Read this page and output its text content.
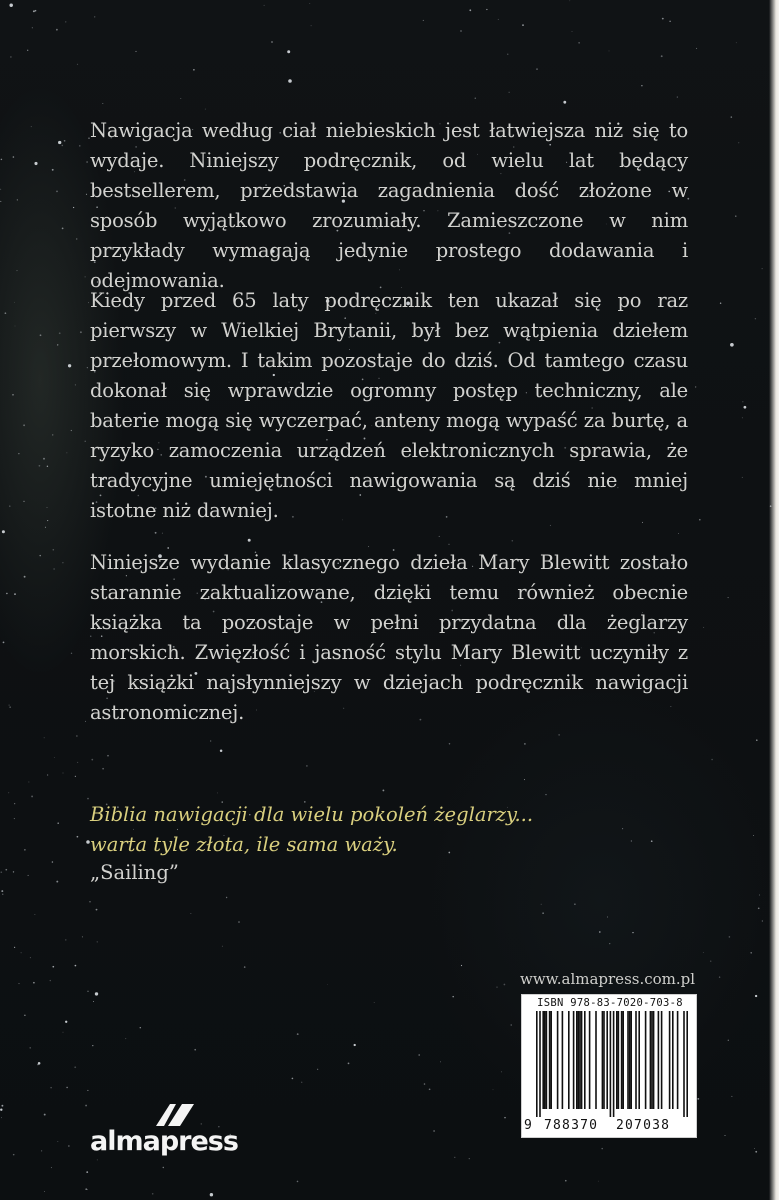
Nawigacja według ciał niebieskich jest łatwiejsza niż się to wydaje. Niniejszy podręcznik, od wielu lat będący bestsellerem, przedstawia zagadnienia dość złożone w sposób wyjątkowo zrozumiały. Zamieszczone w nim przykłady wymagają jedynie prostego dodawania i odejmowania.

Kiedy przed 65 laty podręcznik ten ukazał się po raz pierwszy w Wielkiej Brytanii, był bez wątpienia dziełem przełomowym. I takim pozostaje do dziś. Od tamtego czasu dokonał się wprawdzie ogromny postęp techniczny, ale baterie mogą się wyczerpać, anteny mogą wypaść za burtę, a ryzyko zamoczenia urządzeń elektronicznych sprawia, że tradycyjne umiejętności nawigowania są dziś nie mniej istotne niż dawniej.

Niniejsze wydanie klasycznego dzieła Mary Blewitt zostało starannie zaktualizowane, dzięki temu również obecnie książka ta pozostaje w pełni przydatna dla żeglarzy morskich. Zwięzłość i jasność stylu Mary Blewitt uczyniły z tej książki najsłynniejszy w dziejach podręcznik nawigacji astronomicznej.

Biblia nawigacji dla wielu pokoleń żeglarzy...
warta tyle złota, ile sama waży.

„Sailing”
www.almapress.com.pl
ISBN 978-83-7020-703-8
9 788370 207038
almapress
